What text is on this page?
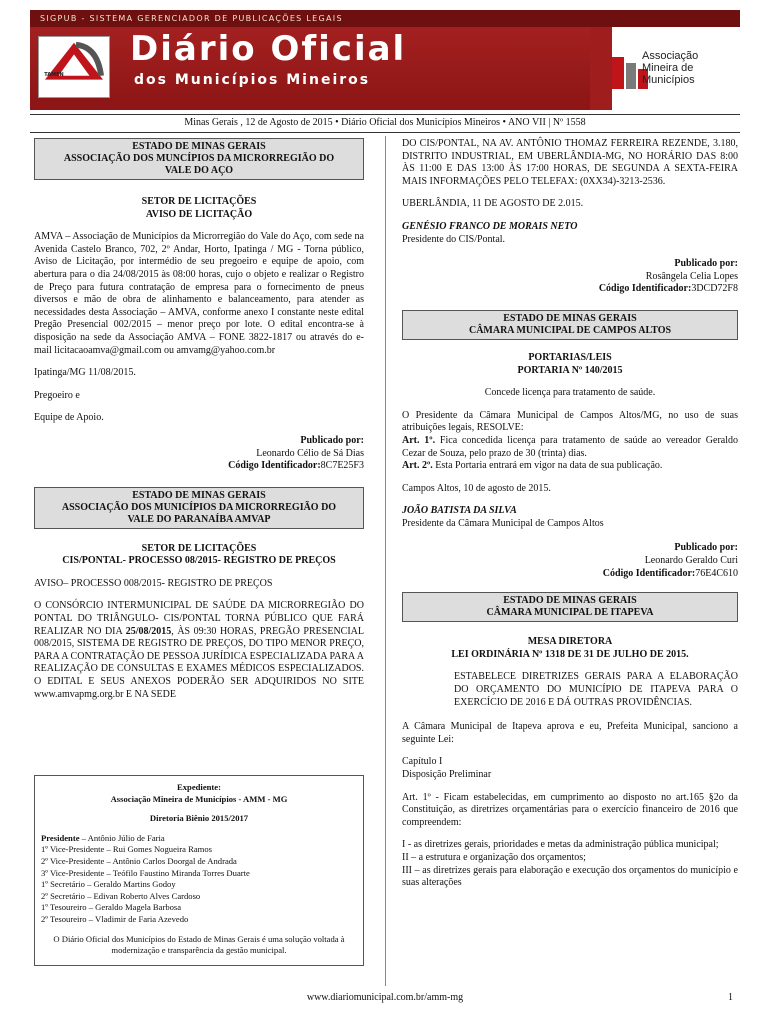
SIGPUB - SISTEMA GERENCIADOR DE PUBLICAÇÕES LEGAIS
TAMEN
Diário Oficial
dos Municípios Mineiros
Associação
Mineira de
Municípios
Minas Gerais , 12 de Agosto de 2015 • Diário Oficial dos Municípios Mineiros • ANO VII | Nº 1558
ESTADO DE MINAS GERAIS
ASSOCIAÇÃO DOS MUNCÍPIOS DA MICRORREGIÃO DO
VALE DO AÇO
SETOR DE LICITAÇÕES
AVISO DE LICITAÇÃO

AMVA – Associação de Municípios da Microrregião do Vale do Aço, com sede na Avenida Castelo Branco, 702, 2º Andar, Horto, Ipatinga / MG - Torna público, Aviso de Licitação, por intermédio de seu pregoeiro e equipe de apoio, com abertura para o dia 24/08/2015 às 08:00 horas, cujo o objeto e realizar o Registro de Preço para futura contratação de empresa para o fornecimento de pneus diversos e mão de obra de alinhamento e balanceamento, para atender as necessidades desta Associação – AMVA, conforme anexo I constante neste edital Pregão Presencial 002/2015 – menor preço por lote. O edital encontra-se à disposição na sede da Associação AMVA – FONE 3822-1817 ou através do e-mail licitacaoamva@gmail.com ou amvamg@yahoo.com.br

Ipatinga/MG 11/08/2015.

Pregoeiro e

Equipe de Apoio.

Publicado por:
Leonardo Célio de Sá Dias
Código Identificador:8C7E25F3
ESTADO DE MINAS GERAIS
ASSOCIAÇÃO DOS MUNICÍPIOS DA MICRORREGIÃO DO
VALE DO PARANAÍBA AMVAP
SETOR DE LICITAÇÕES
CIS/PONTAL- PROCESSO 08/2015- REGISTRO DE PREÇOS

AVISO– PROCESSO 008/2015- REGISTRO DE PREÇOS

O CONSÓRCIO INTERMUNICIPAL DE SAÚDE DA MICRORREGIÃO DO PONTAL DO TRIÂNGULO- CIS/PONTAL TORNA PÚBLICO QUE FARÁ REALIZAR NO DIA 25/08/2015, ÀS 09:30 HORAS, PREGÃO PRESENCIAL 008/2015, SISTEMA DE REGISTRO DE PREÇOS, DO TIPO MENOR PREÇO, PARA A CONTRATAÇÃO DE PESSOA JURÍDICA ESPECIALIZADA PARA A REALIZAÇÃO DE CONSULTAS E EXAMES MÉDICOS ESPECIALIZADOS. O EDITAL E SEUS ANEXOS PODERÃO SER ADQUIRIDOS NO SITE www.amvapmg.org.br E NA SEDE

Expediente:
Associação Mineira de Municípios - AMM - MG
Diretoria Biênio 2015/2017
Presidente – Antônio Júlio de Faria
1º Vice-Presidente – Rui Gomes Nogueira Ramos
2º Vice-Presidente – Antônio Carlos Doorgal de Andrada
3º Vice-Presidente – Teófilo Faustino Miranda Torres Duarte
1º Secretário – Geraldo Martins Godoy
2º Secretário – Edivan Roberto Alves Cardoso
1º Tesoureiro – Geraldo Magela Barbosa
2º Tesoureiro – Vladimir de Faria Azevedo
O Diário Oficial dos Municípios do Estado de Minas Gerais é uma solução voltada à modernização e transparência da gestão municipal.

DO CIS/PONTAL, NA AV. ANTÔNIO THOMAZ FERREIRA REZENDE, 3.180, DISTRITO INDUSTRIAL, EM UBERLÂNDIA-MG, NO HORÁRIO DAS 8:00 ÀS 11:00 E DAS 13:00 ÀS 17:00 HORAS, DE SEGUNDA A SEXTA-FEIRA MAIS INFORMAÇÕES PELO TELEFAX: (0XX34)-3213-2536.

UBERLÂNDIA, 11 DE AGOSTO DE 2.015.

GENÉSIO FRANCO DE MORAIS NETO

Presidente do CIS/Pontal.

Publicado por:
Rosângela Celia Lopes
Código Identificador:3DCD72F8
ESTADO DE MINAS GERAIS
CÂMARA MUNICIPAL DE CAMPOS ALTOS
PORTARIAS/LEIS
PORTARIA Nº 140/2015

Concede licença para tratamento de saúde.

O Presidente da Câmara Municipal de Campos Altos/MG, no uso de suas atribuições legais, RESOLVE:

Art. 1º. Fica concedida licença para tratamento de saúde ao vereador Geraldo Cezar de Souza, pelo prazo de 30 (trinta) dias.

Art. 2º. Esta Portaria entrará em vigor na data de sua publicação.

Campos Altos, 10 de agosto de 2015.

JOÃO BATISTA DA SILVA

Presidente da Câmara Municipal de Campos Altos

Publicado por:
Leonardo Geraldo Curi
Código Identificador:76E4C610
ESTADO DE MINAS GERAIS
CÂMARA MUNICIPAL DE ITAPEVA
MESA DIRETORA
LEI ORDINÁRIA Nº 1318 DE 31 DE JULHO DE 2015.

ESTABELECE DIRETRIZES GERAIS PARA A ELABORAÇÃO DO ORÇAMENTO DO MUNICÍPIO DE ITAPEVA PARA O EXERCÍCIO DE 2016 E DÁ OUTRAS PROVIDÊNCIAS.

A Câmara Municipal de Itapeva aprova e eu, Prefeita Municipal, sanciono a seguinte Lei:

Capítulo I

Disposição Preliminar

Art. 1º - Ficam estabelecidas, em cumprimento ao disposto no art.165 §2o da Constituição, as diretrizes orçamentárias para o exercício financeiro de 2016 que compreendem:

I - as diretrizes gerais, prioridades e metas da administração pública municipal;

II – a estrutura e organização dos orçamentos;

III – as diretrizes gerais para elaboração e execução dos orçamentos do município e suas alterações

www.diariomunicipal.com.br/amm-mg	1
